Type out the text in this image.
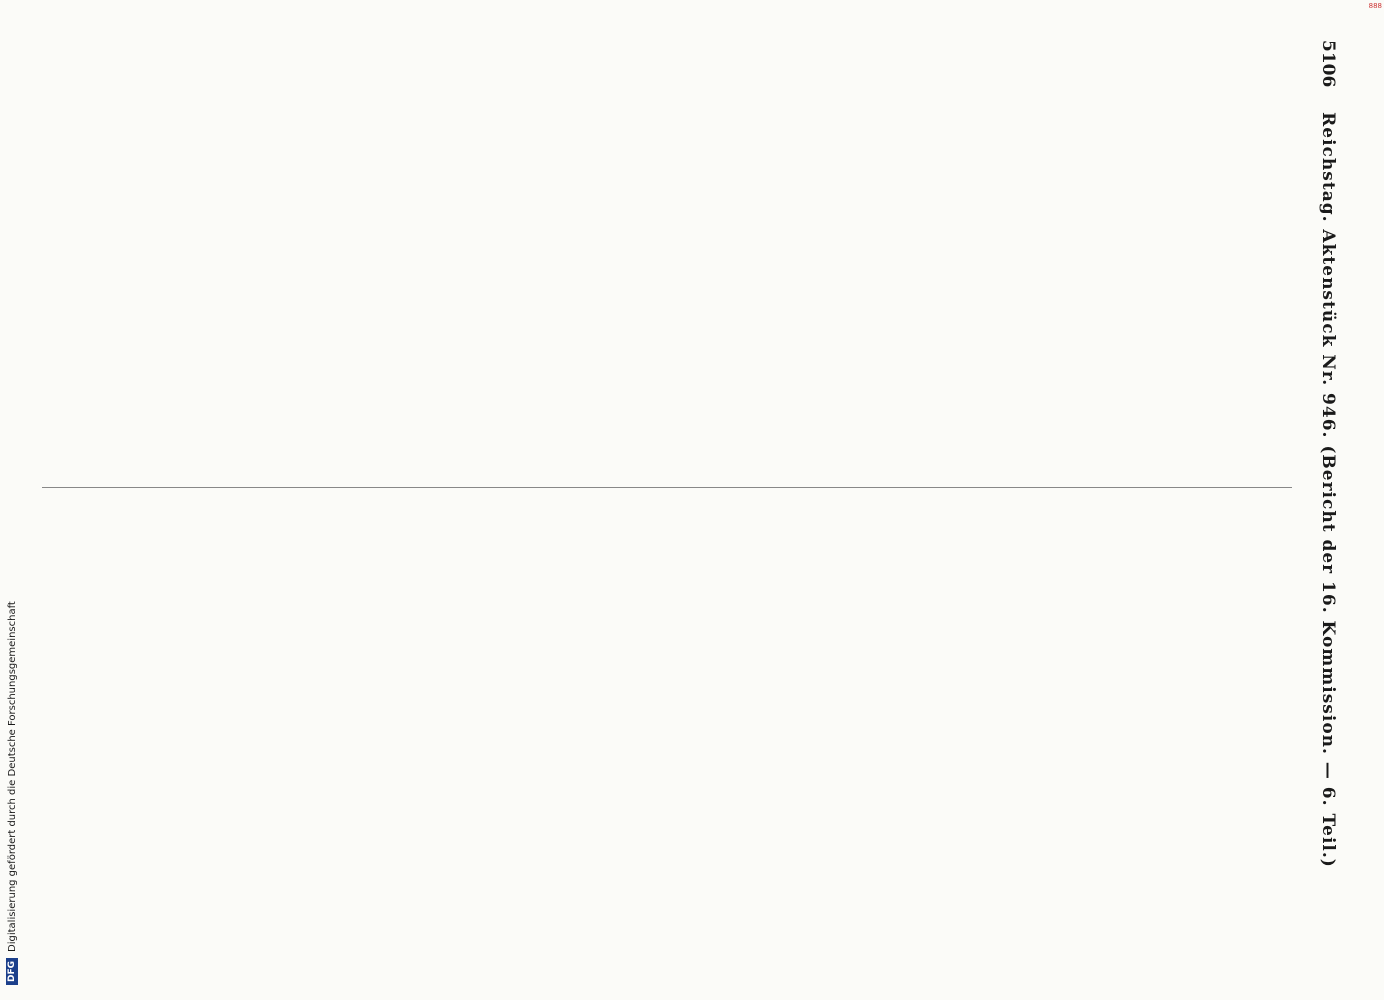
5106
Reichstag. Aktenstück Nr. 946. (Bericht der 16. Kommission. — 6. Teil.)
DFG
Digitalisierung gefördert durch die Deutsche Forschungsgemeinschaft
888
